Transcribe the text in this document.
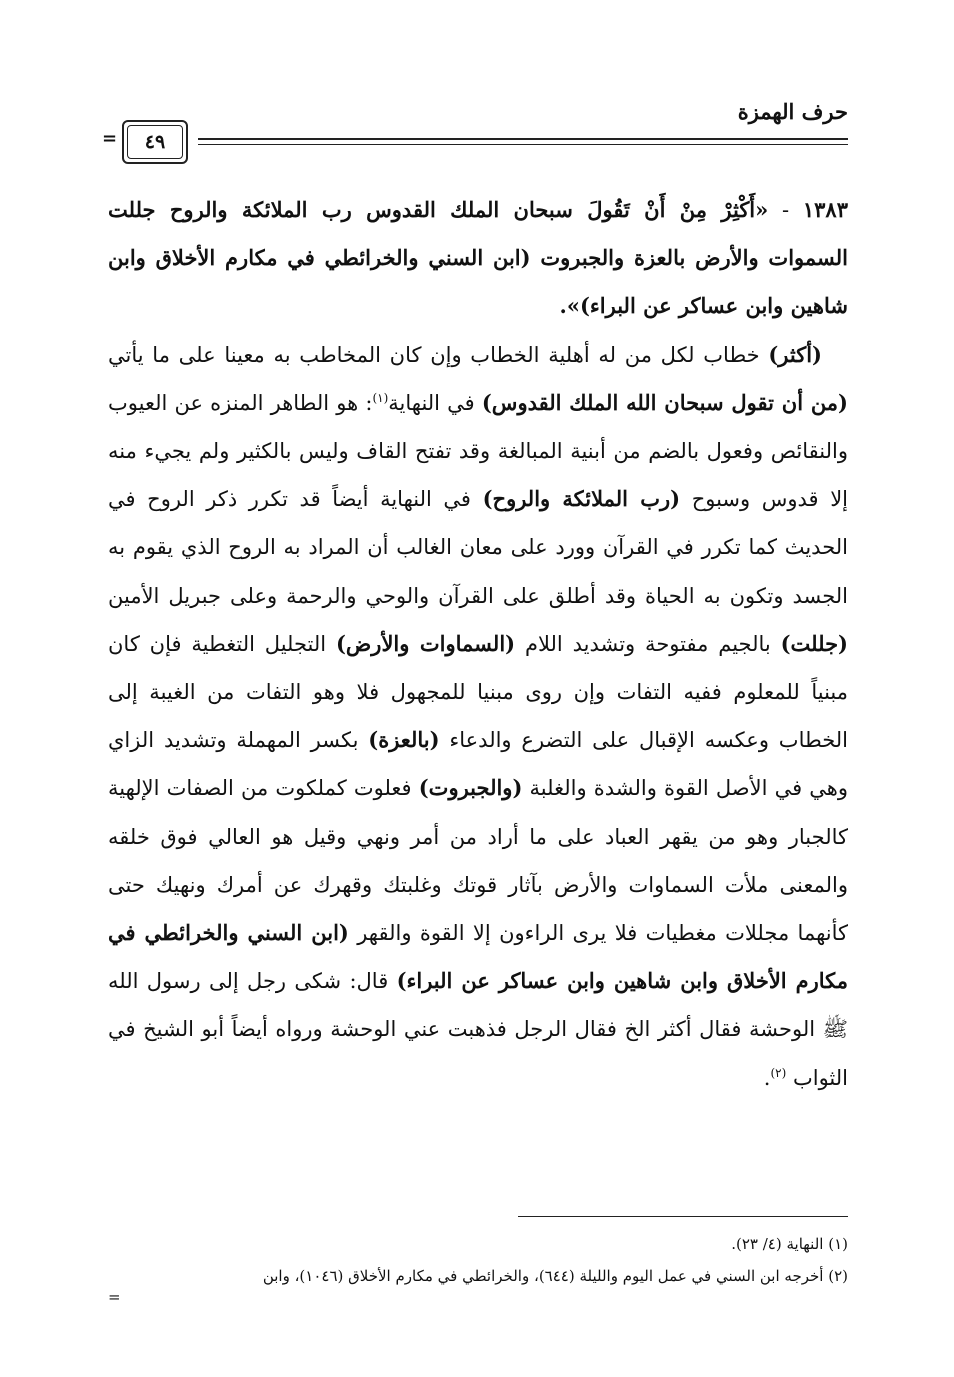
حرف الهمزة
٤٩
=

١٣٨٣ - «أَكْثِرْ مِنْ أَنْ تَقُولَ سبحان الملك القدوس رب الملائكة والروح جللت السموات والأرض بالعزة والجبروت (ابن السني والخرائطي في مكارم الأخلاق وابن شاهين وابن عساكر عن البراء)».

(أكثر) خطاب لكل من له أهلية الخطاب وإن كان المخاطب به معينا على ما يأتي (من أن تقول سبحان الله الملك القدوس) في النهاية$^{(١)}$: هو الطاهر المنزه عن العيوب والنقائص وفعول بالضم من أبنية المبالغة وقد تفتح القاف وليس بالكثير ولم يجيء منه إلا قدوس وسبوح (رب الملائكة والروح) في النهاية أيضاً قد تكرر ذكر الروح في الحديث كما تكرر في القرآن وورد على معان الغالب أن المراد به الروح الذي يقوم به الجسد وتكون به الحياة وقد أطلق على القرآن والوحي والرحمة وعلى جبريل الأمين (جللت) بالجيم مفتوحة وتشديد اللام (السماوات والأرض) التجليل التغطية فإن كان مبنياً للمعلوم ففيه التفات وإن روى مبنيا للمجهول فلا وهو التفات من الغيبة إلى الخطاب وعكسه الإقبال على التضرع والدعاء (بالعزة) بكسر المهملة وتشديد الزاي وهي في الأصل القوة والشدة والغلبة (والجبروت) فعلوت كملكوت من الصفات الإلهية كالجبار وهو من يقهر العباد على ما أراد من أمر ونهي وقيل هو العالي فوق خلقه والمعنى ملأت السماوات والأرض بآثار قوتك وغلبتك وقهرك عن أمرك ونهيك حتى كأنهما مجللات مغطيات فلا يرى الراءون إلا القوة والقهر (ابن السني والخرائطي في مكارم الأخلاق وابن شاهين وابن عساكر عن البراء) قال: شكى رجل إلى رسول الله ﷺ الوحشة فقال أكثر الخ فقال الرجل فذهبت عني الوحشة ورواه أيضاً أبو الشيخ في الثواب $^{(٢)}$.

(١) النهاية (٤/ ٢٣).

(٢) أخرجه ابن السني في عمل اليوم والليلة (٦٤٤)، والخرائطي في مكارم الأخلاق (١٠٤٦)، وابن

=
